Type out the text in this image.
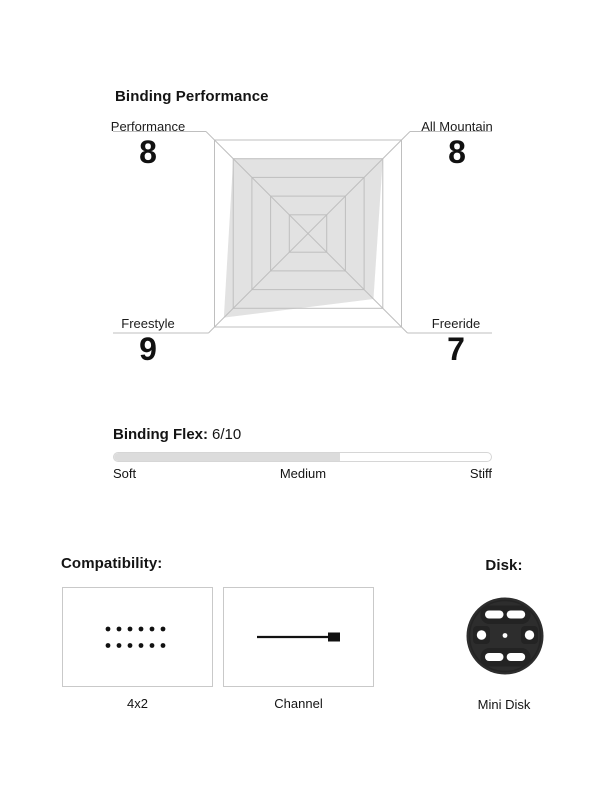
Binding Performance
Performance
8
All Mountain
8
Freestyle
9
Freeride
7
Binding Flex: 6/10
Soft	Medium	Stiff
Compatibility:
4x2	Channel
Disk:
Mini Disk
